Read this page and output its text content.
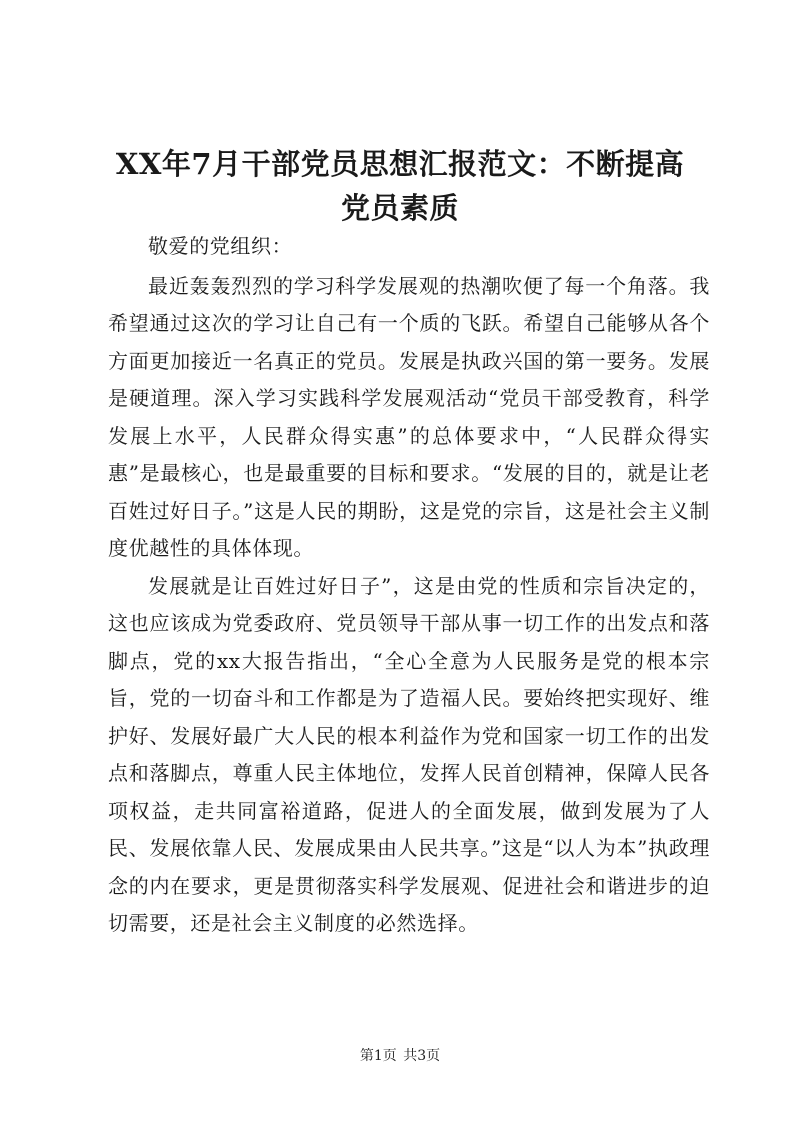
XX年7月干部党员思想汇报范文：不断提高
党员素质

敬爱的党组织：

最近轰轰烈烈的学习科学发展观的热潮吹便了每一个角落。我希望通过这次的学习让自己有一个质的飞跃。希望自己能够从各个方面更加接近一名真正的党员。发展是执政兴国的第一要务。发展是硬道理。深入学习实践科学发展观活动“党员干部受教育，科学发展上水平，人民群众得实惠”的总体要求中，“人民群众得实惠”是最核心，也是最重要的目标和要求。“发展的目的，就是让老百姓过好日子。”这是人民的期盼，这是党的宗旨，这是社会主义制度优越性的具体体现。

发展就是让百姓过好日子”，这是由党的性质和宗旨决定的，这也应该成为党委政府、党员领导干部从事一切工作的出发点和落脚点，党的xx大报告指出，“全心全意为人民服务是党的根本宗旨，党的一切奋斗和工作都是为了造福人民。要始终把实现好、维护好、发展好最广大人民的根本利益作为党和国家一切工作的出发点和落脚点，尊重人民主体地位，发挥人民首创精神，保障人民各项权益，走共同富裕道路，促进人的全面发展，做到发展为了人民、发展依靠人民、发展成果由人民共享。”这是“以人为本”执政理念的内在要求，更是贯彻落实科学发展观、促进社会和谐进步的迫切需要，还是社会主义制度的必然选择。

第1页 共3页
